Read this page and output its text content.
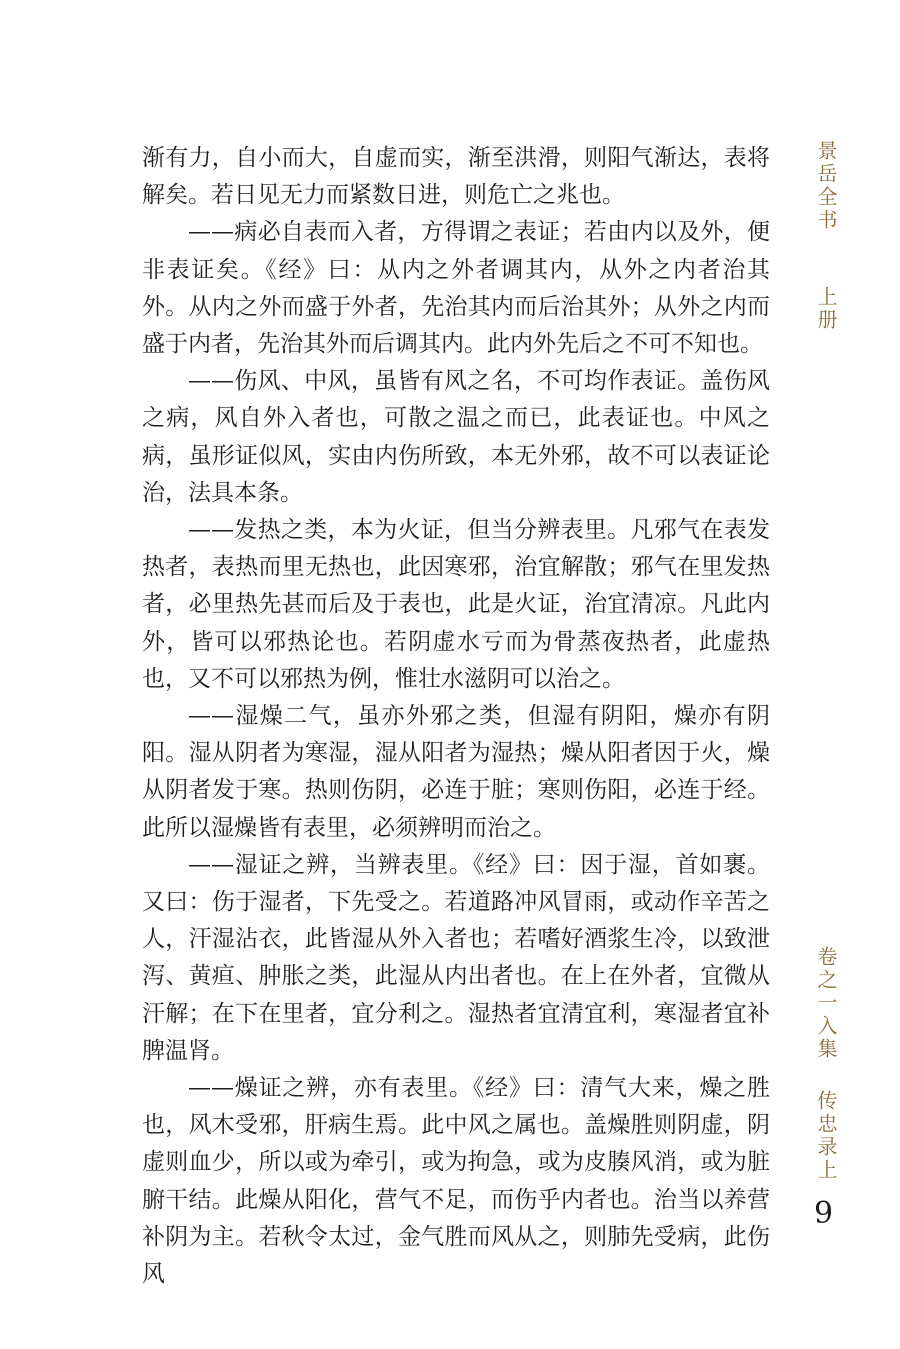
渐有力，自小而大，自虚而实，渐至洪滑，则阳气渐达，表将解矣。若日见无力而紧数日进，则危亡之兆也。

——病必自表而入者，方得谓之表证；若由内以及外，便非表证矣。《经》曰：从内之外者调其内，从外之内者治其外。从内之外而盛于外者，先治其内而后治其外；从外之内而盛于内者，先治其外而后调其内。此内外先后之不可不知也。

——伤风、中风，虽皆有风之名，不可均作表证。盖伤风之病，风自外入者也，可散之温之而已，此表证也。中风之病，虽形证似风，实由内伤所致，本无外邪，故不可以表证论治，法具本条。

——发热之类，本为火证，但当分辨表里。凡邪气在表发热者，表热而里无热也，此因寒邪，治宜解散；邪气在里发热者，必里热先甚而后及于表也，此是火证，治宜清凉。凡此内外，皆可以邪热论也。若阴虚水亏而为骨蒸夜热者，此虚热也，又不可以邪热为例，惟壮水滋阴可以治之。

——湿燥二气，虽亦外邪之类，但湿有阴阳，燥亦有阴阳。湿从阴者为寒湿，湿从阳者为湿热；燥从阳者因于火，燥从阴者发于寒。热则伤阴，必连于脏；寒则伤阳，必连于经。此所以湿燥皆有表里，必须辨明而治之。

——湿证之辨，当辨表里。《经》曰：因于湿，首如裹。又曰：伤于湿者，下先受之。若道路冲风冒雨，或动作辛苦之人，汗湿沾衣，此皆湿从外入者也；若嗜好酒浆生冷，以致泄泻、黄疸、肿胀之类，此湿从内出者也。在上在外者，宜微从汗解；在下在里者，宜分利之。湿热者宜清宜利，寒湿者宜补脾温肾。

——燥证之辨，亦有表里。《经》曰：清气大来，燥之胜也，风木受邪，肝病生焉。此中风之属也。盖燥胜则阴虚，阴虚则血少，所以或为牵引，或为拘急，或为皮腠风消，或为脏腑干结。此燥从阳化，营气不足，而伤乎内者也。治当以养营补阴为主。若秋令太过，金气胜而风从之，则肺先受病，此伤风

景岳全书
上册
卷之一入集
传忠录上
9
